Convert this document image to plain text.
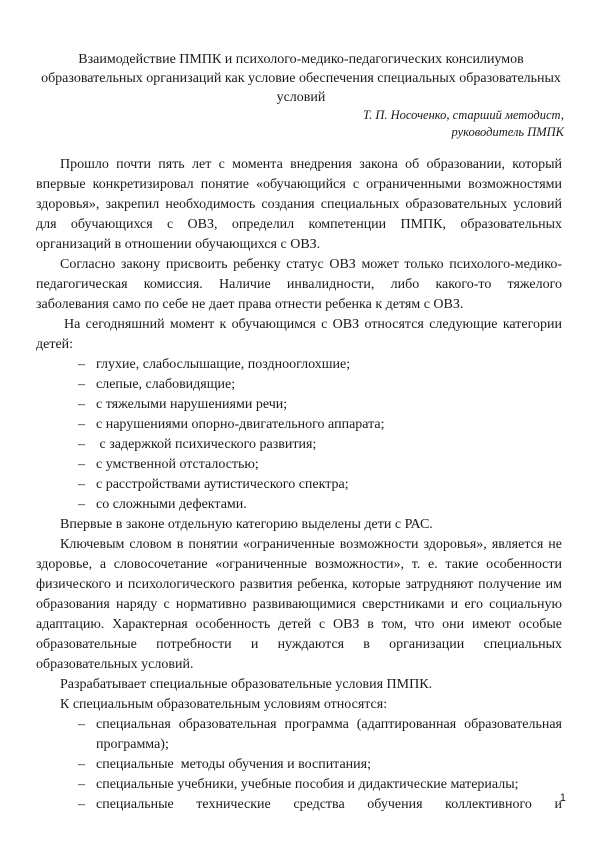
Взаимодействие ПМПК и психолого-медико-педагогических консилиумов
образовательных организаций как условие обеспечения специальных образовательных
условий
Т. П. Носоченко, старший методист,
руководитель ПМПК

Прошло почти пять лет с момента внедрения закона об образовании, который впервые конкретизировал понятие «обучающийся с ограниченными возможностями здоровья», закрепил необходимость создания специальных образовательных условий для обучающихся с ОВЗ, определил компетенции ПМПК, образовательных организаций в отношении обучающихся с ОВЗ.

Согласно закону присвоить ребенку статус ОВЗ может только психолого-медико-педагогическая комиссия. Наличие инвалидности, либо какого-то тяжелого заболевания само по себе не дает права отнести ребенка к детям с ОВЗ.

На сегодняшний момент к обучающимся с ОВЗ относятся следующие категории детей:

– глухие, слабослышащие, позднооглохшие;
– слепые, слабовидящие;
– с тяжелыми нарушениями речи;
– с нарушениями опорно-двигательного аппарата;
– с задержкой психического развития;
– с умственной отсталостью;
– с расстройствами аутистического спектра;
– со сложными дефектами.

Впервые в законе отдельную категорию выделены дети с РАС.

Ключевым словом в понятии «ограниченные возможности здоровья», является не здоровье, а словосочетание «ограниченные возможности», т. е. такие особенности физического и психологического развития ребенка, которые затрудняют получение им образования наряду с нормативно развивающимися сверстниками и его социальную адаптацию. Характерная особенность детей с ОВЗ в том, что они имеют особые образовательные потребности и нуждаются в организации специальных образовательных условий.

Разрабатывает специальные образовательные условия ПМПК.

К специальным образовательным условиям относятся:

– специальная образовательная программа (адаптированная образовательная программа);
– специальные  методы обучения и воспитания;
– специальные учебники, учебные пособия и дидактические материалы;
– специальные технические средства обучения коллективного и
1
